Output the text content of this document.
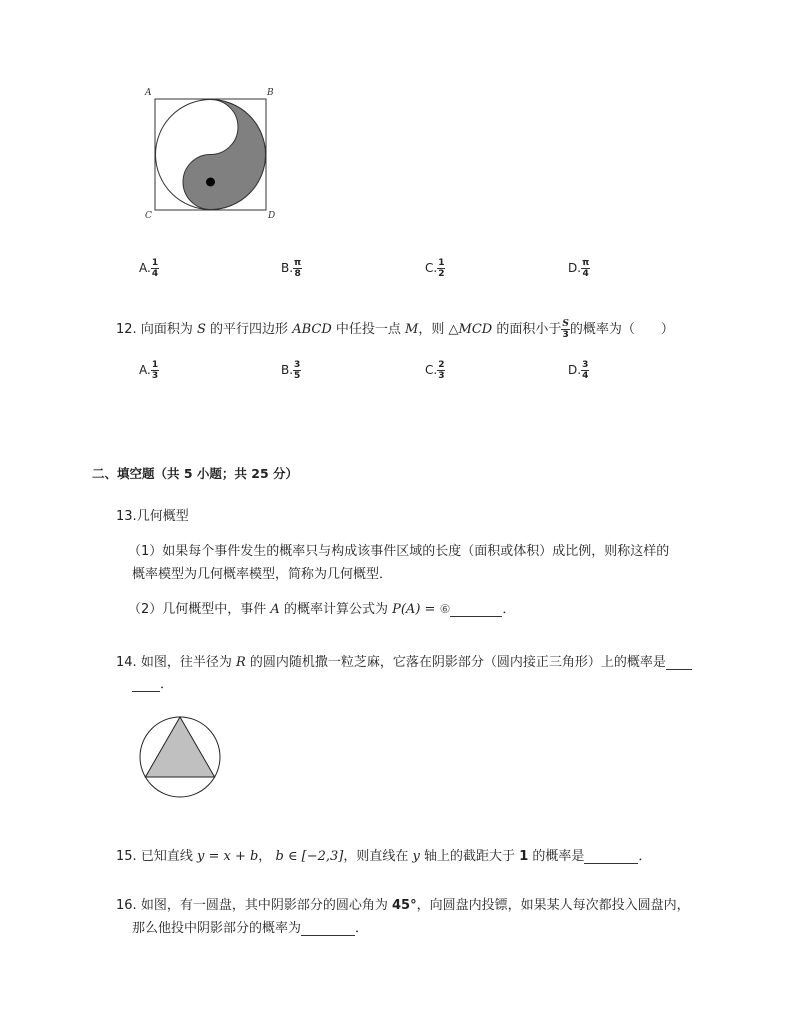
A	B
C	D
A. $\frac{1}{4}$	B. $\frac{\pi}{8}$	C. $\frac{1}{2}$	D. $\frac{\pi}{4}$
12. 向面积为 S 的平行四边形 ABCD 中任投一点 M，则 △MCD 的面积小于 $\frac{S}{3}$ 的概率为（　　）
A. $\frac{1}{3}$	B. $\frac{3}{5}$	C. $\frac{2}{3}$	D. $\frac{3}{4}$
二、填空题（共 5 小题；共 25 分）
13.几何概型
（1）如果每个事件发生的概率只与构成该事件区域的长度（面积或体积）成比例，则称这样的
概率模型为几何概率模型，简称为几何概型．
（2）几何概型中，事件 A 的概率计算公式为 P(A) = ⑥	．
14. 如图，往半径为 R 的圆内随机撒一粒芝麻，它落在阴影部分（圆内接正三角形）上的概率是
．
15. 已知直线 y = x + b， b ∈ [−2,3]，则直线在 y 轴上的截距大于 1 的概率是	．
16. 如图，有一圆盘，其中阴影部分的圆心角为 45°，向圆盘内投镖，如果某人每次都投入圆盘内，
那么他投中阴影部分的概率为	．
